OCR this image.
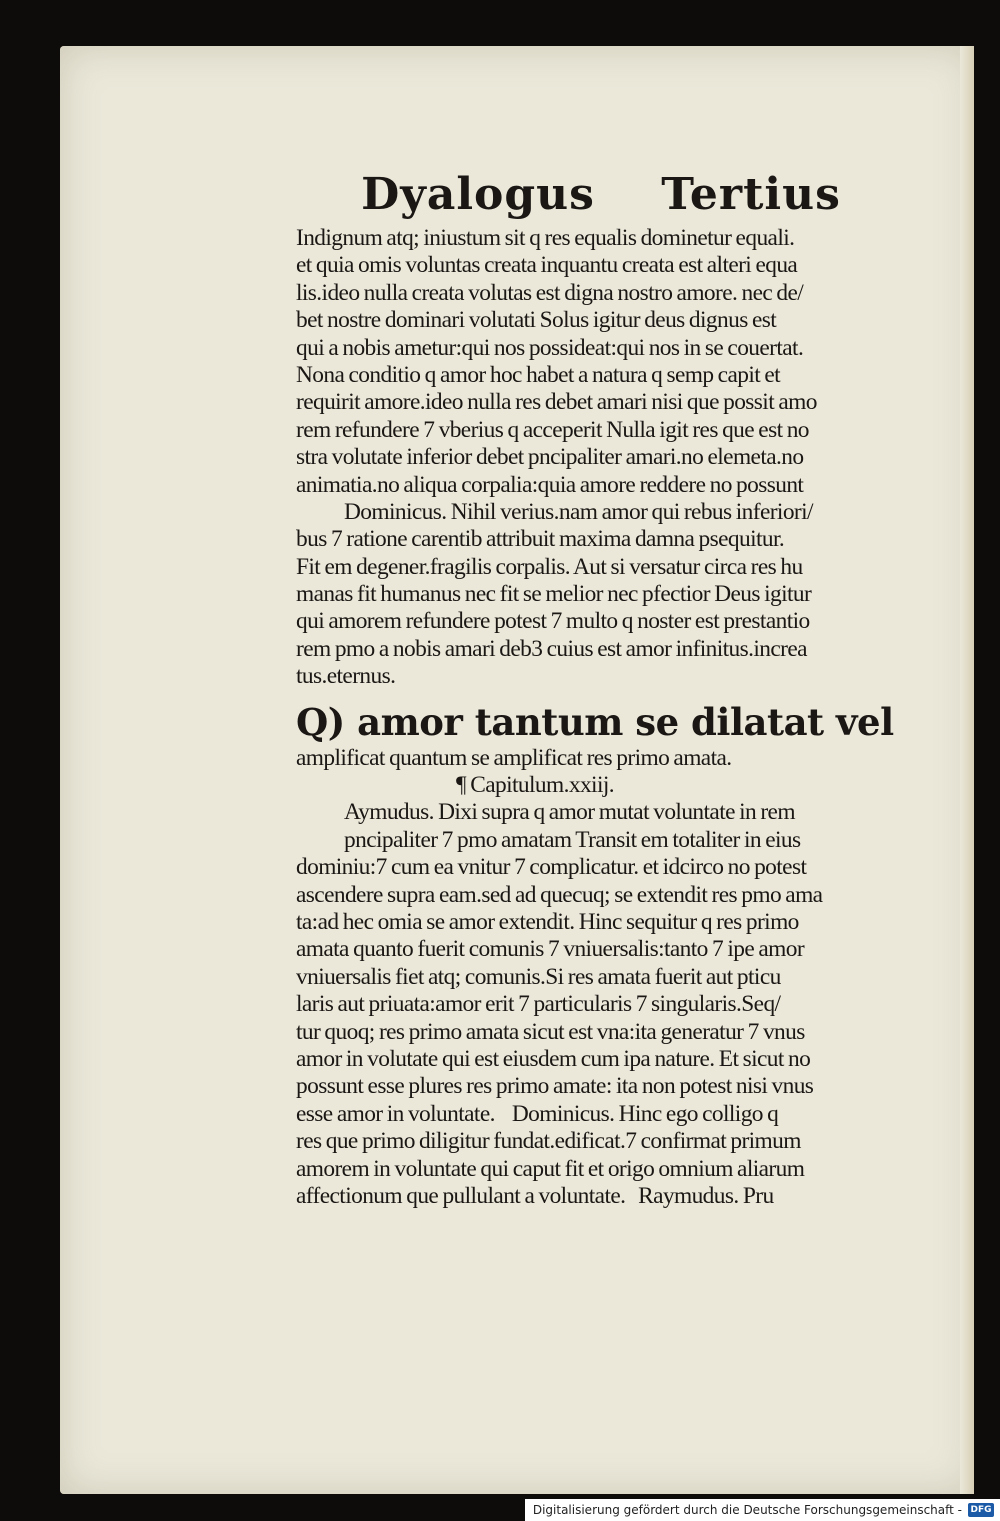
Dyalogus Tertius
Indignum atq; iniustum sit q res equalis dominetur equali.
et quia omis voluntas creata inquantu creata est alteri equa
lis.ideo nulla creata volutas est digna nostro amore. nec de/
bet nostre dominari volutati Solus igitur deus dignus est
qui a nobis ametur:qui nos possideat:qui nos in se couertat.
Nona conditio q amor hoc habet a natura q semp capit et
requirit amore.ideo nulla res debet amari nisi que possit amo
rem refundere 7 vberius q acceperit Nulla igit res que est no
stra volutate inferior debet pncipaliter amari.no elemeta.no
animatia.no aliqua corpalia:quia amore reddere no possunt
Dominicus. Nihil verius.nam amor qui rebus inferiori/
bus 7 ratione carentib attribuit maxima damna psequitur.
Fit em degener.fragilis corpalis. Aut si versatur circa res hu
manas fit humanus nec fit se melior nec pfectior Deus igitur
qui amorem refundere potest 7 multo q noster est prestantio
rem pmo a nobis amari deb3 cuius est amor infinitus.increa
tus.eternus.
Q) amor tantum se dilatat vel
amplificat quantum se amplificat res primo amata.
¶ Capitulum.xxiij.
Aymudus. Dixi supra q amor mutat voluntate in rem
pncipaliter 7 pmo amatam Transit em totaliter in eius
dominiu:7 cum ea vnitur 7 complicatur. et idcirco no potest
ascendere supra eam.sed ad quecuq; se extendit res pmo ama
ta:ad hec omia se amor extendit. Hinc sequitur q res primo
amata quanto fuerit comunis 7 vniuersalis:tanto 7 ipe amor
vniuersalis fiet atq; comunis.Si res amata fuerit aut pticu
laris aut priuata:amor erit 7 particularis 7 singularis.Seq/
tur quoq; res primo amata sicut est vna:ita generatur 7 vnus
amor in volutate qui est eiusdem cum ipa nature. Et sicut no
possunt esse plures res primo amate: ita non potest nisi vnus
esse amor in voluntate.    Dominicus. Hinc ego colligo q
res que primo diligitur fundat.edificat.7 confirmat primum
amorem in voluntate qui caput fit et origo omnium aliarum
affectionum que pullulant a voluntate.   Raymudus. Pru
Digitalisierung gefördert durch die Deutsche Forschungsgemeinschaft - DFG
